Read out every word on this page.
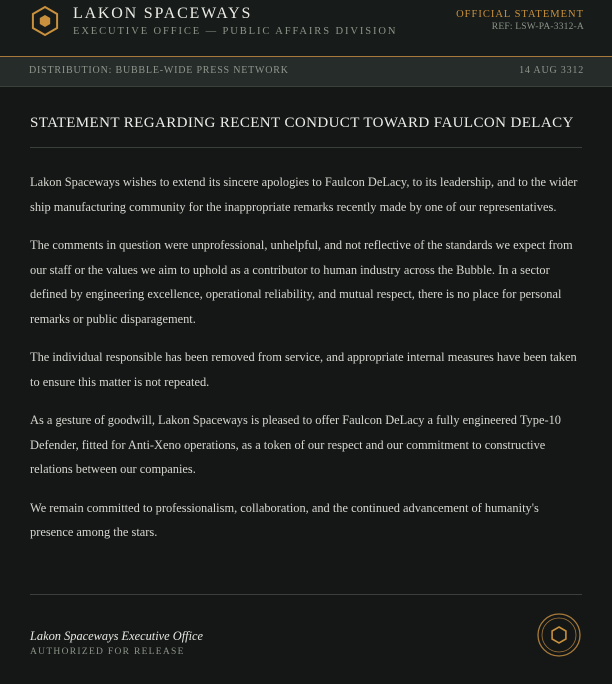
LAKON SPACEWAYS
EXECUTIVE OFFICE — PUBLIC AFFAIRS DIVISION
OFFICIAL STATEMENT
REF: LSW-PA-3312-A
DISTRIBUTION: BUBBLE-WIDE PRESS NETWORK	14 AUG 3312
STATEMENT REGARDING RECENT CONDUCT TOWARD FAULCON DELACY

Lakon Spaceways wishes to extend its sincere apologies to Faulcon DeLacy, to its leadership, and to the wider ship manufacturing community for the inappropriate remarks recently made by one of our representatives.

The comments in question were unprofessional, unhelpful, and not reflective of the standards we expect from our staff or the values we aim to uphold as a contributor to human industry across the Bubble. In a sector defined by engineering excellence, operational reliability, and mutual respect, there is no place for personal remarks or public disparagement.

The individual responsible has been removed from service, and appropriate internal measures have been taken to ensure this matter is not repeated.

As a gesture of goodwill, Lakon Spaceways is pleased to offer Faulcon DeLacy a fully engineered Type-10 Defender, fitted for Anti-Xeno operations, as a token of our respect and our commitment to constructive relations between our companies.

We remain committed to professionalism, collaboration, and the continued advancement of humanity's presence among the stars.

Lakon Spaceways Executive Office
AUTHORIZED FOR RELEASE
